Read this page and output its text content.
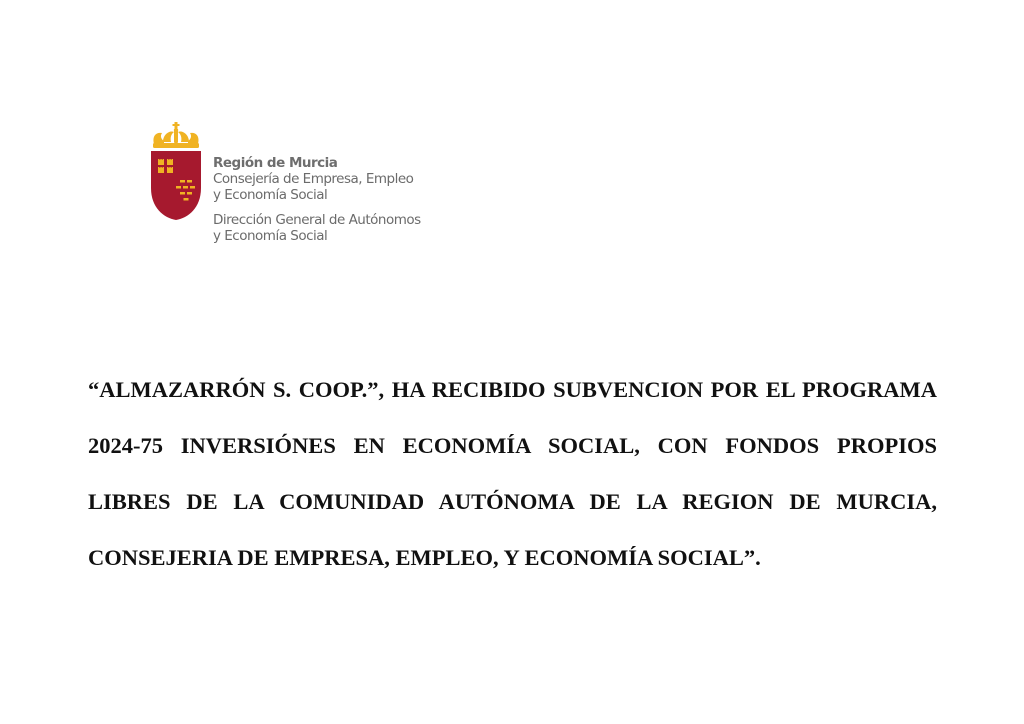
Región de Murcia
Consejería de Empresa, Empleo
y Economía Social
Dirección General de Autónomos
y Economía Social

“ALMAZARRÓN S. COOP.”, HA RECIBIDO SUBVENCION POR EL PROGRAMA 2024-75 INVERSIÓNES EN ECONOMÍA SOCIAL, CON FONDOS PROPIOS LIBRES DE LA COMUNIDAD AUTÓNOMA DE LA REGION DE MURCIA, CONSEJERIA DE EMPRESA, EMPLEO, Y ECONOMÍA SOCIAL”.
